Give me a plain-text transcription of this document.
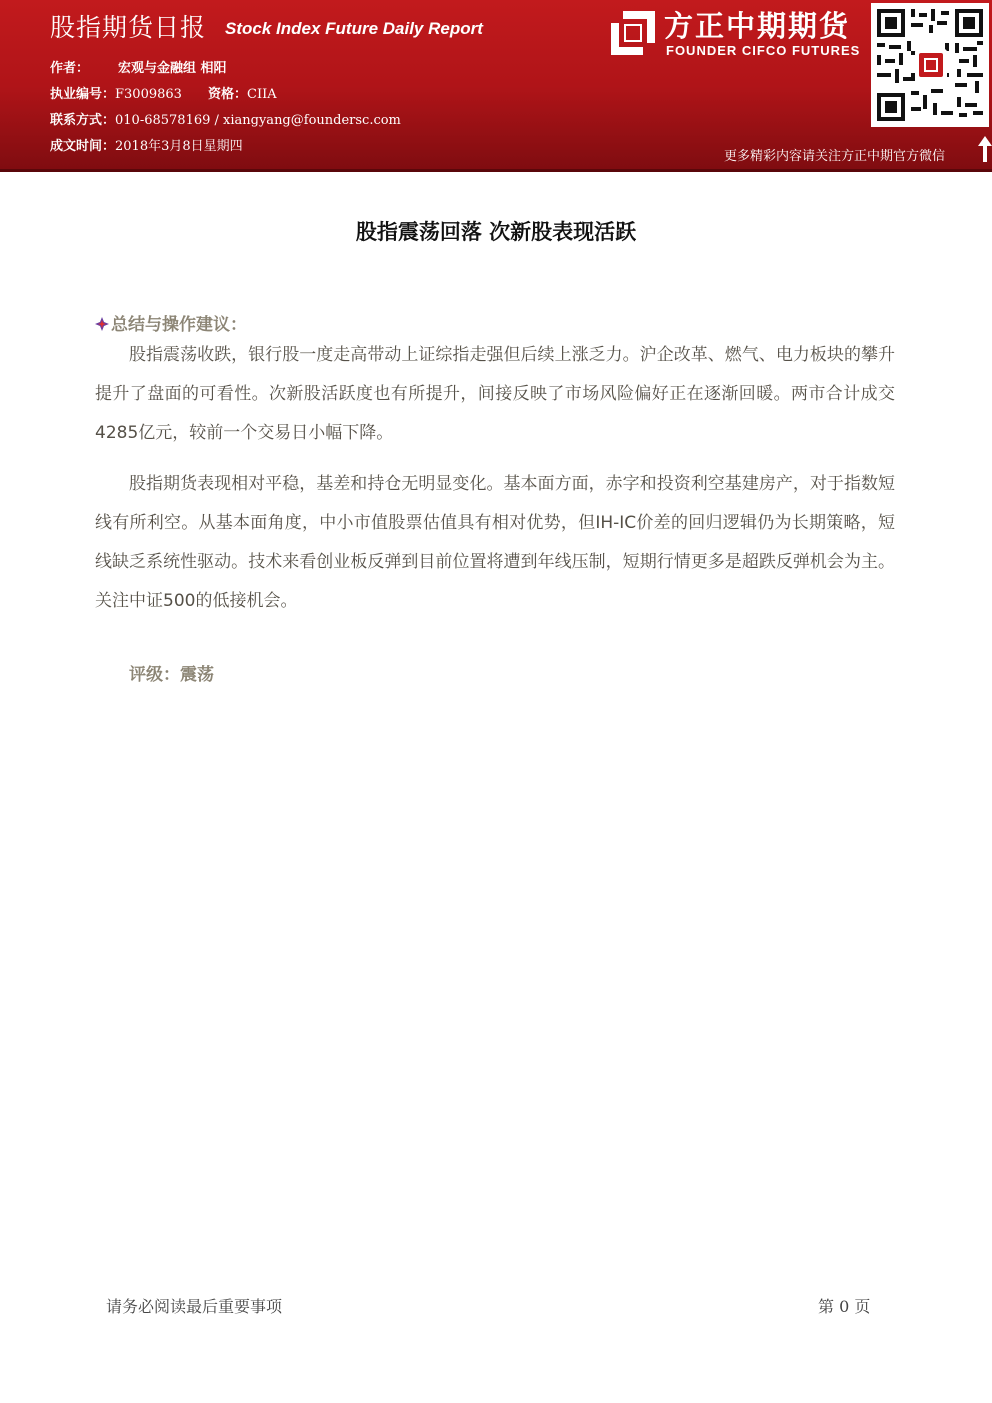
股指期货日报 Stock Index Future Daily Report
作者： 宏观与金融组 相阳
执业编号：F3009863 资格：CIIA
联系方式：010-68578169 / xiangyang@foundersc.com
成文时间：2018年3月8日星期四
方正中期期货
FOUNDER CIFCO FUTURES
更多精彩内容请关注方正中期官方微信
股指震荡回落 次新股表现活跃
总结与操作建议：
股指震荡收跌，银行股一度走高带动上证综指走强但后续上涨乏力。沪企改革、燃气、电力板块的攀升提升了盘面的可看性。次新股活跃度也有所提升，间接反映了市场风险偏好正在逐渐回暖。两市合计成交4285亿元，较前一个交易日小幅下降。
股指期货表现相对平稳，基差和持仓无明显变化。基本面方面，赤字和投资利空基建房产，对于指数短线有所利空。从基本面角度，中小市值股票估值具有相对优势，但IH-IC价差的回归逻辑仍为长期策略，短线缺乏系统性驱动。技术来看创业板反弹到目前位置将遭到年线压制，短期行情更多是超跌反弹机会为主。关注中证500的低接机会。
评级：震荡
请务必阅读最后重要事项	第 0 页
